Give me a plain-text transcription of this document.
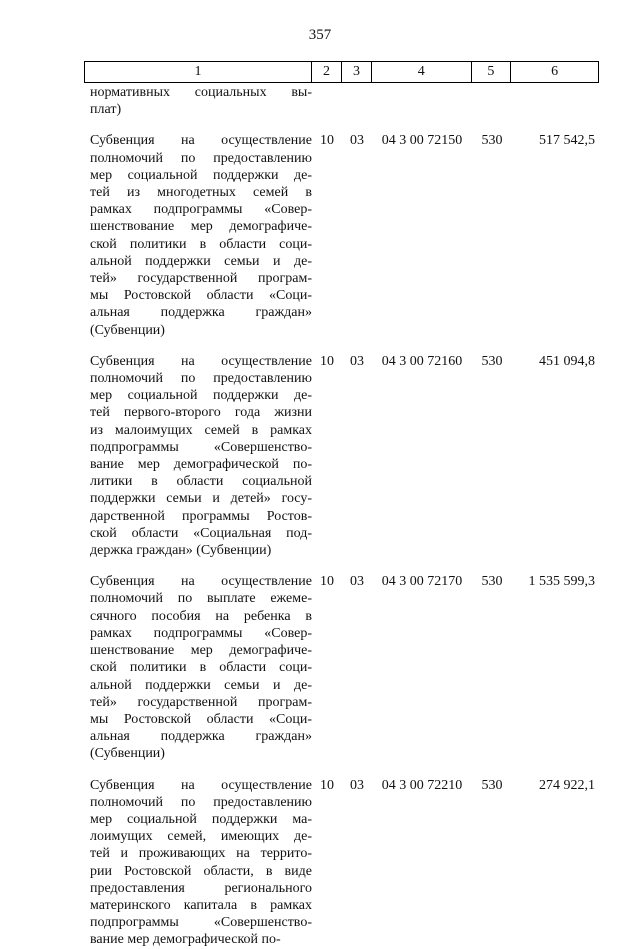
357
1	2	3	4	5	6
нормативных социальных вы-
плат)
Субвенция на осуществление
полномочий по предоставлению
мер социальной поддержки де-
тей из многодетных семей в
рамках подпрограммы «Совер-
шенствование мер демографиче-
ской политики в области соци-
альной поддержки семьи и де-
тей» государственной програм-
мы Ростовской области «Соци-
альная поддержка граждан»
(Субвенции)
10	03	04 3 00 72150	530	517 542,5
Субвенция на осуществление
полномочий по предоставлению
мер социальной поддержки де-
тей первого-второго года жизни
из малоимущих семей в рамках
подпрограммы «Совершенство-
вание мер демографической по-
литики в области социальной
поддержки семьи и детей» госу-
дарственной программы Ростов-
ской области «Социальная под-
держка граждан» (Субвенции)
10	03	04 3 00 72160	530	451 094,8
Субвенция на осуществление
полномочий по выплате ежеме-
сячного пособия на ребенка в
рамках подпрограммы «Совер-
шенствование мер демографиче-
ской политики в области соци-
альной поддержки семьи и де-
тей» государственной програм-
мы Ростовской области «Соци-
альная поддержка граждан»
(Субвенции)
10	03	04 3 00 72170	530	1 535 599,3
Субвенция на осуществление
полномочий по предоставлению
мер социальной поддержки ма-
лоимущих семей, имеющих де-
тей и проживающих на террито-
рии Ростовской области, в виде
предоставления регионального
материнского капитала в рамках
подпрограммы «Совершенство-
вание мер демографической по-
10	03	04 3 00 72210	530	274 922,1
